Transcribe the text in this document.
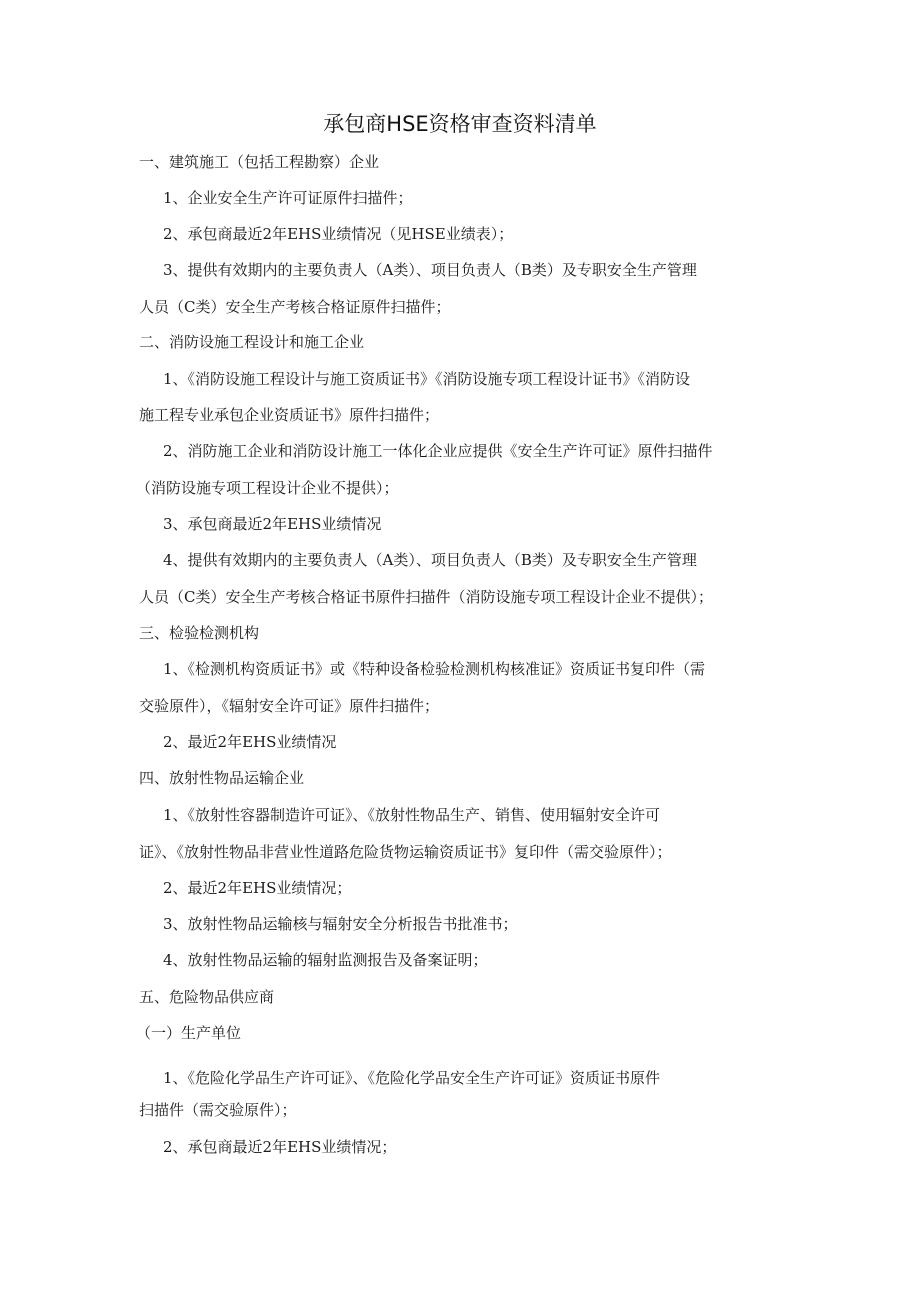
承包商HSE资格审查资料清单
一、建筑施工（包括工程勘察）企业
1、企业安全生产许可证原件扫描件；
2、承包商最近2年EHS业绩情况（见HSE业绩表）；
3、提供有效期内的主要负责人（A类）、项目负责人（B类）及专职安全生产管理
人员（C类）安全生产考核合格证原件扫描件；
二、消防设施工程设计和施工企业
1、《消防设施工程设计与施工资质证书》《消防设施专项工程设计证书》《消防设
施工程专业承包企业资质证书》原件扫描件；
2、消防施工企业和消防设计施工一体化企业应提供《安全生产许可证》原件扫描件
（消防设施专项工程设计企业不提供）；
3、承包商最近2年EHS业绩情况
4、提供有效期内的主要负责人（A类）、项目负责人（B类）及专职安全生产管理
人员（C类）安全生产考核合格证书原件扫描件（消防设施专项工程设计企业不提供）；
三、检验检测机构
1、《检测机构资质证书》或《特种设备检验检测机构核准证》资质证书复印件（需
交验原件），《辐射安全许可证》原件扫描件；
2、最近2年EHS业绩情况
四、放射性物品运输企业
1、《放射性容器制造许可证》、《放射性物品生产、销售、使用辐射安全许可
证》、《放射性物品非营业性道路危险货物运输资质证书》复印件（需交验原件）；
2、最近2年EHS业绩情况；
3、放射性物品运输核与辐射安全分析报告书批准书；
4、放射性物品运输的辐射监测报告及备案证明；
五、危险物品供应商
（一）生产单位
1、《危险化学品生产许可证》、《危险化学品安全生产许可证》资质证书原件
扫描件（需交验原件）；
2、承包商最近2年EHS业绩情况；
